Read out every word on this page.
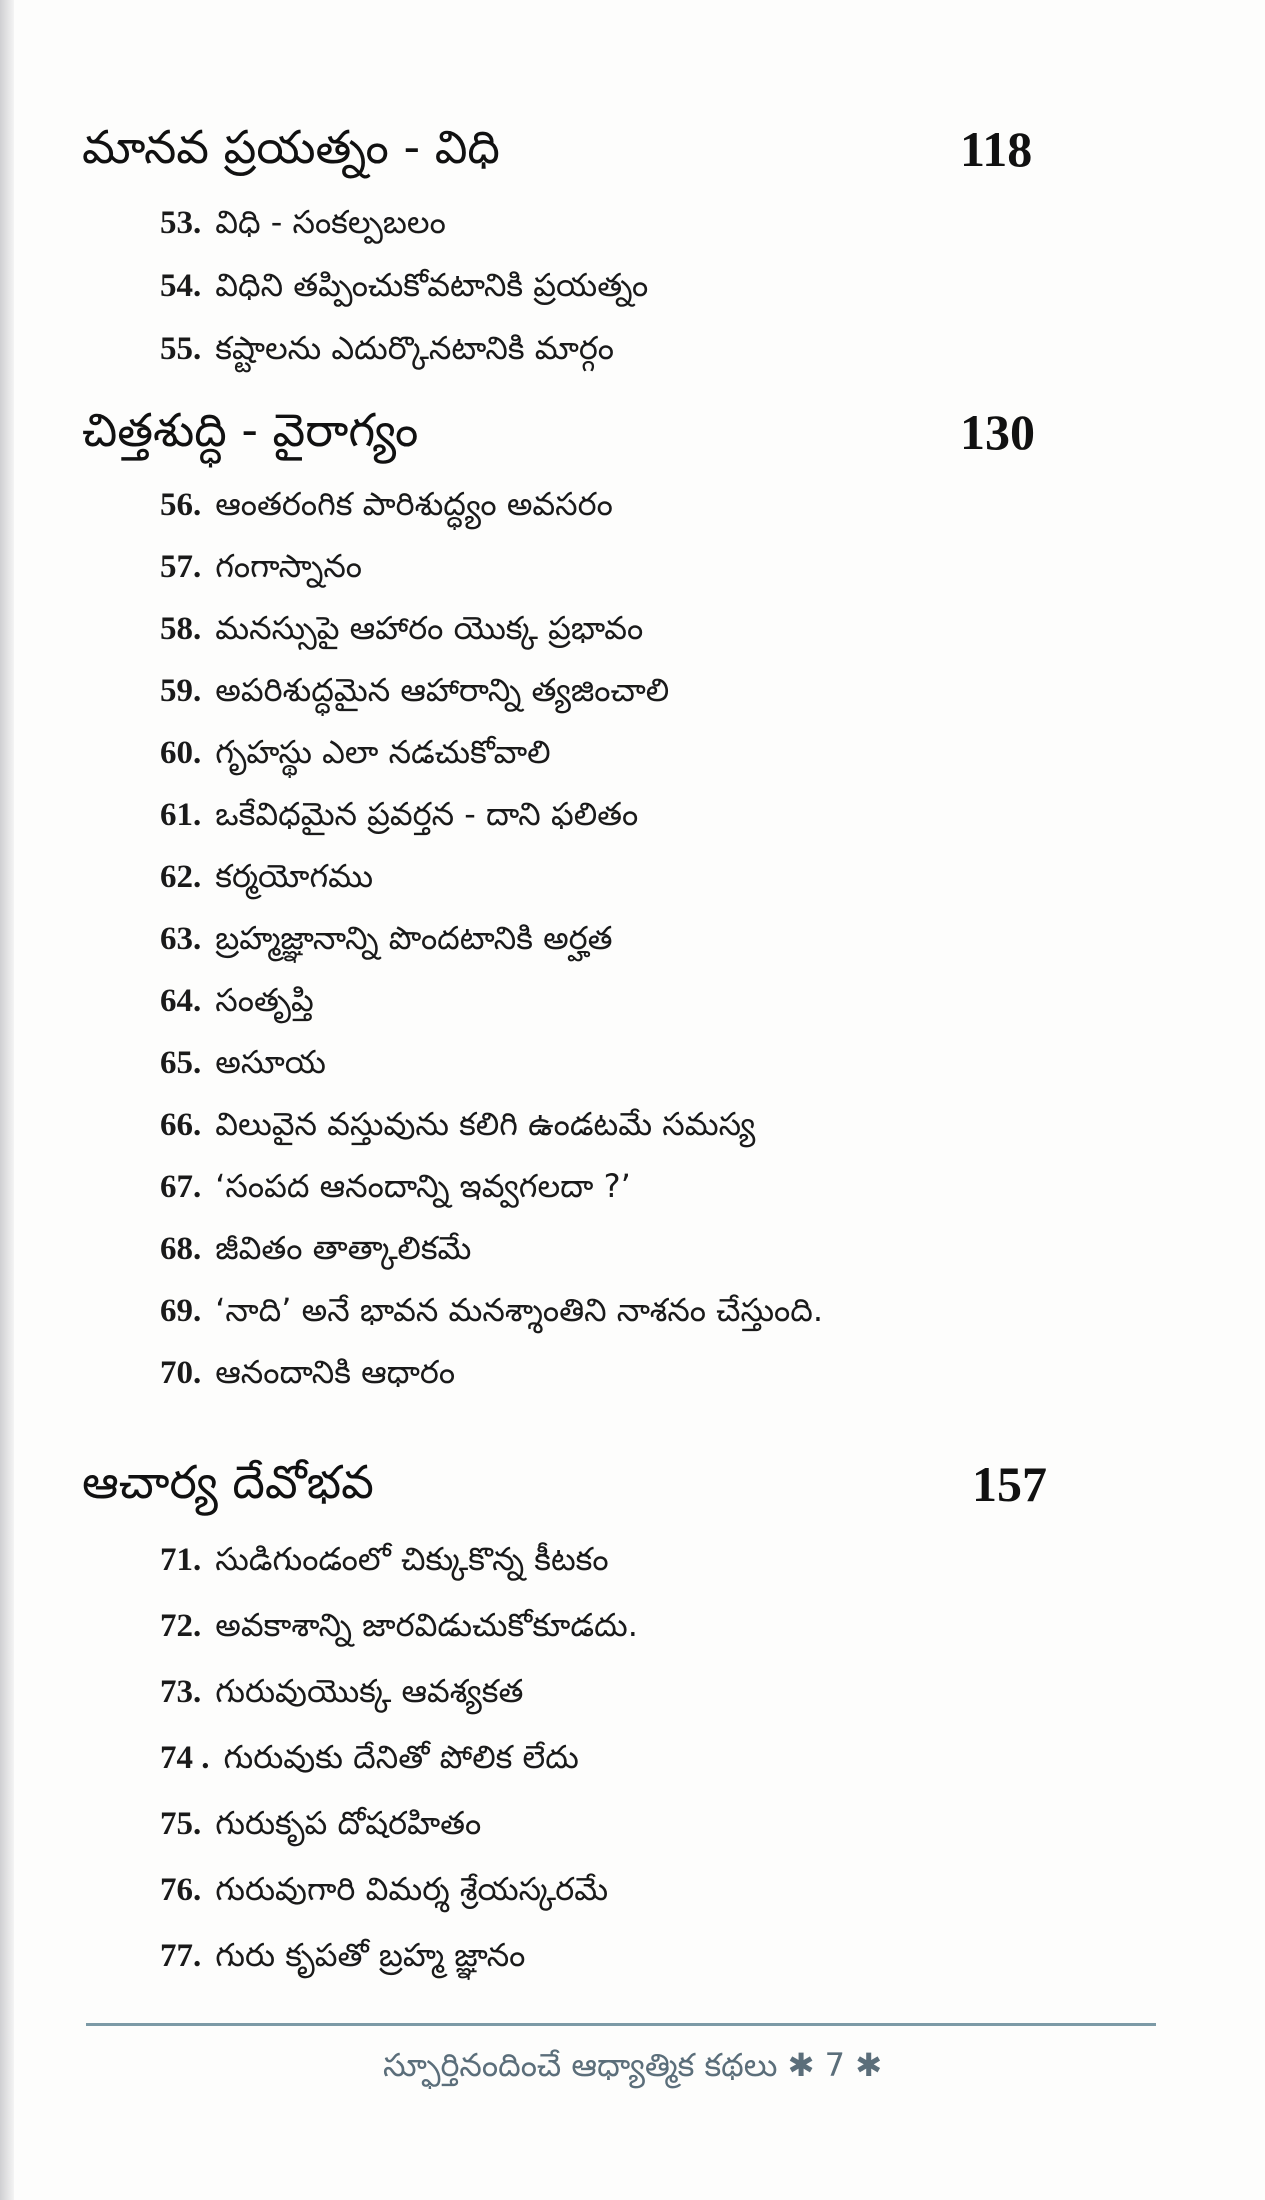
మానవ ప్రయత్నం - విధి	118
53. విధి - సంకల్పబలం
54. విధిని తప్పించుకోవటానికి ప్రయత్నం
55. కష్టాలను ఎదుర్కొనటానికి మార్గం
చిత్తశుద్ధి - వైరాగ్యం	130
56. ఆంతరంగిక పారిశుద్ధ్యం అవసరం
57. గంగాస్నానం
58. మనస్సుపై ఆహారం యొక్క ప్రభావం
59. అపరిశుద్ధమైన ఆహారాన్ని త్యజించాలి
60. గృహస్థు ఎలా నడచుకోవాలి
61. ఒకేవిధమైన ప్రవర్తన - దాని ఫలితం
62. కర్మయోగము
63. బ్రహ్మజ్ఞానాన్ని పొందటానికి అర్హత
64. సంతృప్తి
65. అసూయ
66. విలువైన వస్తువును కలిగి ఉండటమే సమస్య
67. ‘సంపద ఆనందాన్ని ఇవ్వగలదా ?’
68. జీవితం తాత్కాలికమే
69. ‘నాది’ అనే భావన మనశ్శాంతిని నాశనం చేస్తుంది.
70. ఆనందానికి ఆధారం
ఆచార్య దేవోభవ	157
71. సుడిగుండంలో చిక్కుకొన్న కీటకం
72. అవకాశాన్ని జారవిడుచుకోకూడదు.
73. గురువుయొక్క ఆవశ్యకత
74 . గురువుకు దేనితో పోలిక లేదు
75. గురుకృప దోషరహితం
76. గురువుగారి విమర్శ శ్రేయస్కరమే
77. గురు కృపతో బ్రహ్మ జ్ఞానం
స్ఫూర్తినందించే ఆధ్యాత్మిక కథలు ✱ 7 ✱
